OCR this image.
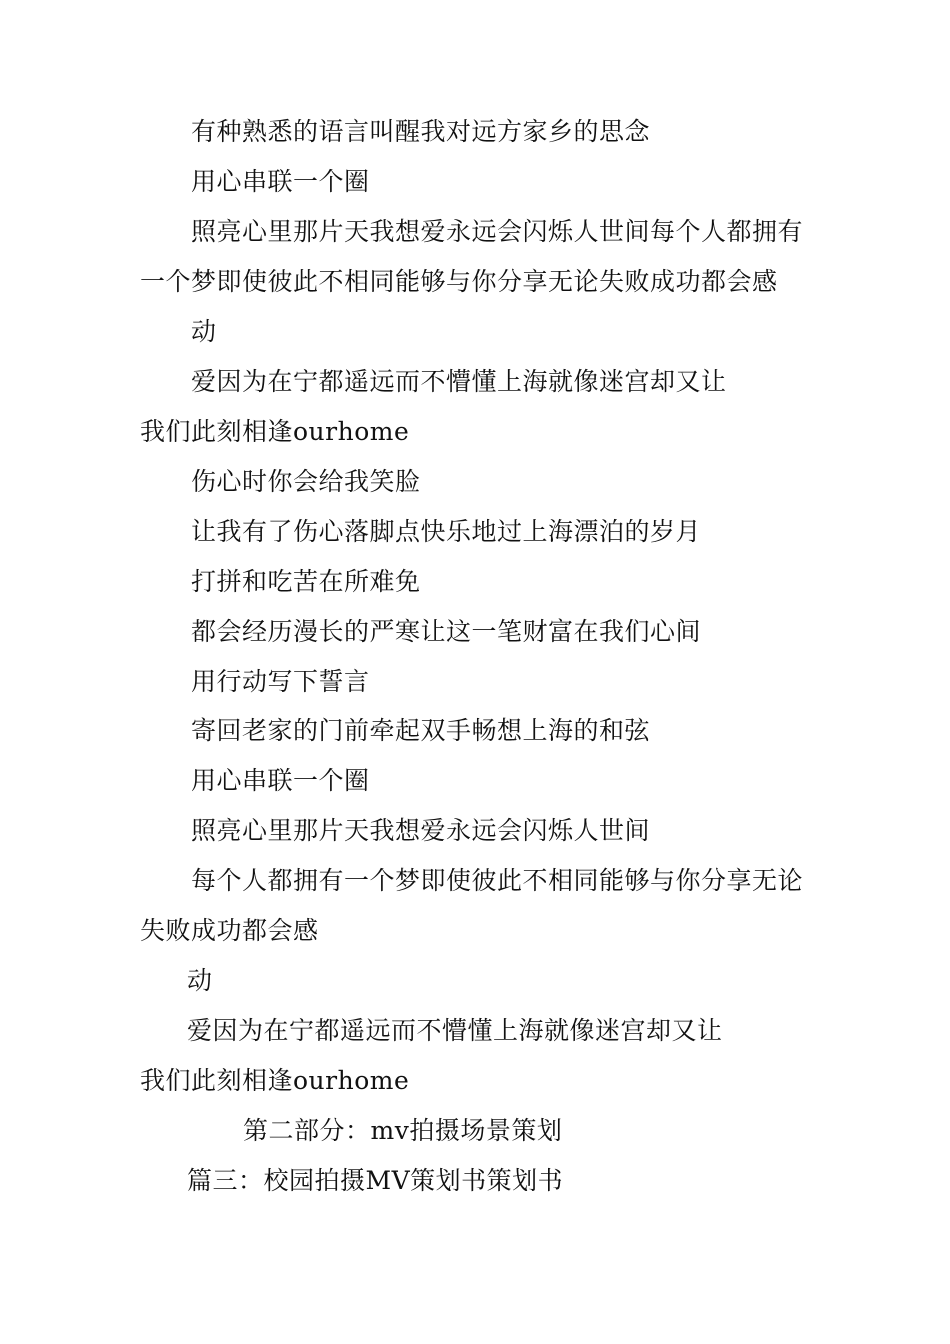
有种熟悉的语言叫醒我对远方家乡的思念
用心串联一个圈
照亮心里那片天我想爱永远会闪烁人世间每个人都拥有
一个梦即使彼此不相同能够与你分享无论失败成功都会感
动
爱因为在宁都遥远而不懵懂上海就像迷宫却又让
我们此刻相逢ourhome
伤心时你会给我笑脸
让我有了伤心落脚点快乐地过上海漂泊的岁月
打拼和吃苦在所难免
都会经历漫长的严寒让这一笔财富在我们心间
用行动写下誓言
寄回老家的门前牵起双手畅想上海的和弦
用心串联一个圈
照亮心里那片天我想爱永远会闪烁人世间
每个人都拥有一个梦即使彼此不相同能够与你分享无论
失败成功都会感
动
爱因为在宁都遥远而不懵懂上海就像迷宫却又让
我们此刻相逢ourhome
第二部分：mv拍摄场景策划
篇三：校园拍摄MV策划书策划书
